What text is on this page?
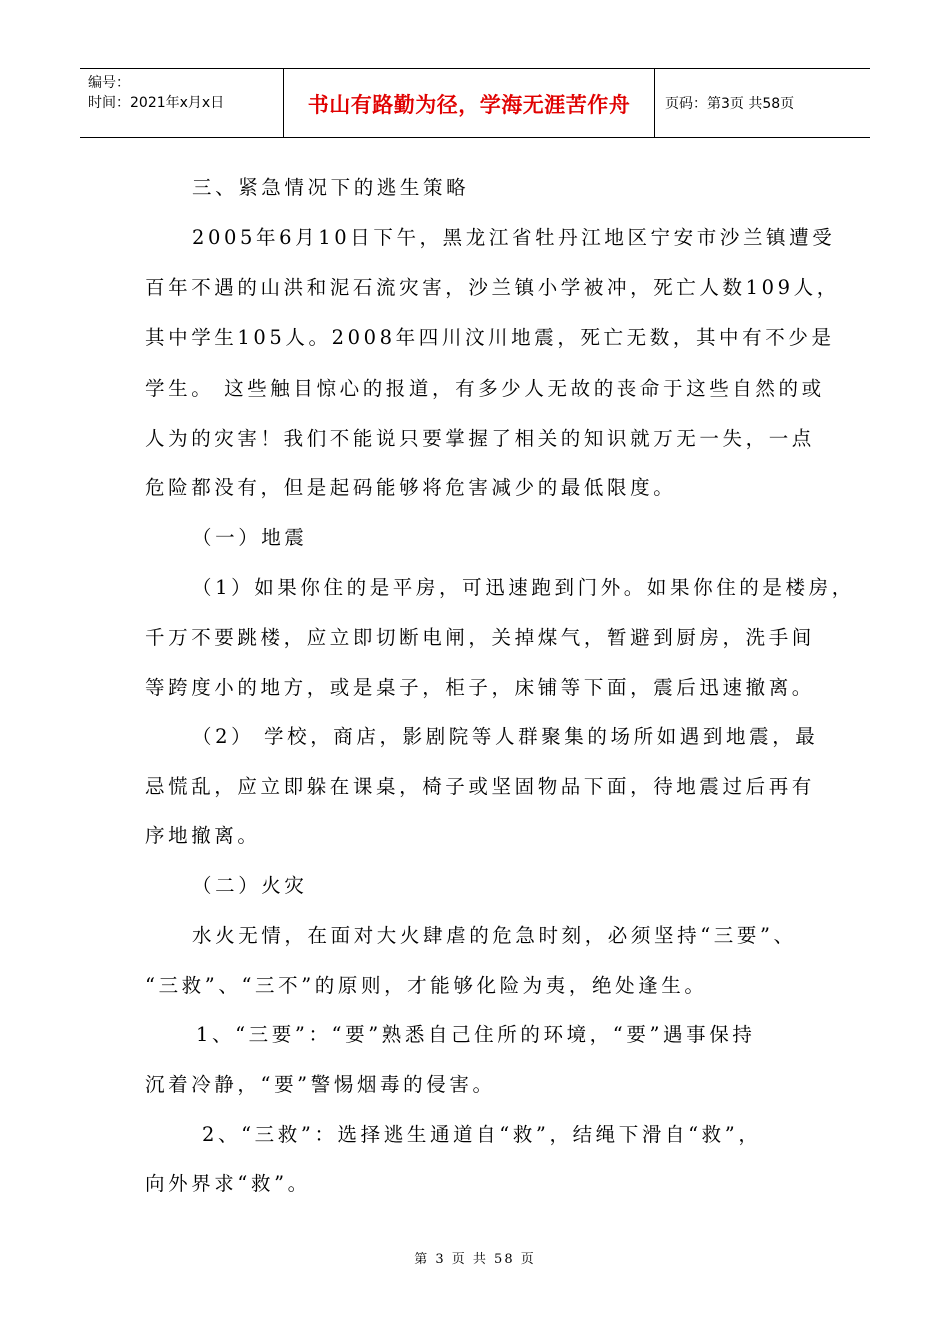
编号：
时间：2021年x月x日	书山有路勤为径，学海无涯苦作舟	页码：第3页 共58页
三、紧急情况下的逃生策略
2005年6月10日下午，黑龙江省牡丹江地区宁安市沙兰镇遭受
百年不遇的山洪和泥石流灾害，沙兰镇小学被冲，死亡人数109人，
其中学生105人。2008年四川汶川地震，死亡无数，其中有不少是
学生。 这些触目惊心的报道，有多少人无故的丧命于这些自然的或
人为的灾害！我们不能说只要掌握了相关的知识就万无一失，一点
危险都没有，但是起码能够将危害减少的最低限度。
（一）地震
（1）如果你住的是平房，可迅速跑到门外。如果你住的是楼房，
千万不要跳楼，应立即切断电闸，关掉煤气，暂避到厨房，洗手间
等跨度小的地方，或是桌子，柜子，床铺等下面，震后迅速撤离。
（2） 学校，商店，影剧院等人群聚集的场所如遇到地震，最
忌慌乱，应立即躲在课桌，椅子或坚固物品下面，待地震过后再有
序地撤离。
（二）火灾
水火无情，在面对大火肆虐的危急时刻，必须坚持“三要”、
“三救”、“三不”的原则，才能够化险为夷，绝处逢生。
1、“三要”：“要”熟悉自己住所的环境，“要”遇事保持
沉着冷静，“要”警惕烟毒的侵害。
2、“三救”：选择逃生通道自“救”，结绳下滑自“救”，
向外界求“救”。
第 3 页 共 58 页
